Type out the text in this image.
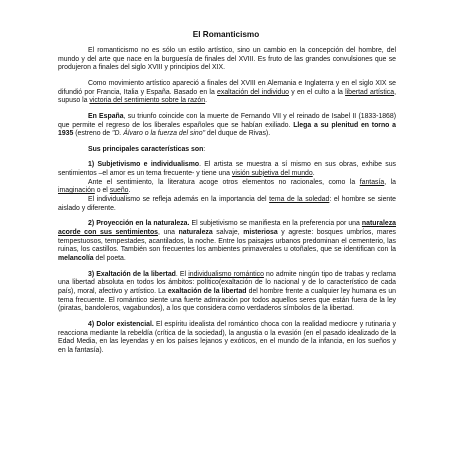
El Romanticismo

El romanticismo no es sólo un estilo artístico, sino un cambio en la concepción del hombre, del mundo y del arte que nace en la burguesía de finales del XVIII. Es fruto de las grandes convulsiones que se produjeron a finales del siglo XVIII y principios del XIX.

Como movimiento artístico apareció a finales del XVIII en Alemania e Inglaterra y en el siglo XIX se difundió por Francia, Italia y España. Basado en la exaltación del individuo y en el culto a la libertad artística, supuso la victoria del sentimiento sobre la razón.

En España, su triunfo coincide con la muerte de Fernando VII y el reinado de Isabel II (1833-1868) que permite el regreso de los liberales españoles que se habían exiliado. Llega a su plenitud en torno a 1935 (estreno de "D. Álvaro o la fuerza del sino" del duque de Rivas).

Sus principales características son:

1) Subjetivismo e individualismo. El artista se muestra a sí mismo en sus obras, exhibe sus sentimientos –el amor es un tema frecuente- y tiene una visión subjetiva del mundo.

Ante el sentimiento, la literatura acoge otros elementos no racionales, como la fantasía, la imaginación o el sueño.

El individualismo se refleja además en la importancia del tema de la soledad: el hombre se siente aislado y diferente.

2) Proyección en la naturaleza. El subjetivismo se manifiesta en la preferencia por una naturaleza acorde con sus sentimientos, una naturaleza salvaje, misteriosa y agreste: bosques umbríos, mares tempestuosos, tempestades, acantilados, la noche. Entre los paisajes urbanos predominan el cementerio, las ruinas, los castillos. También son frecuentes los ambientes primaverales u otoñales, que se identifican con la melancolía del poeta.

3) Exaltación de la libertad. El individualismo romántico no admite ningún tipo de trabas y reclama una libertad absoluta en todos los ámbitos: político(exaltación de lo nacional y de lo característico de cada país), moral, afectivo y artístico. La exaltación de la libertad del hombre frente a cualquier ley humana es un tema frecuente. El romántico siente una fuerte admiración por todos aquellos seres que están fuera de la ley (piratas, bandoleros, vagabundos), a los que considera como verdaderos símbolos de la libertad.

4) Dolor existencial. El espíritu idealista del romántico choca con la realidad mediocre y rutinaria y reacciona mediante la rebeldía (crítica de la sociedad), la angustia o la evasión (en el pasado idealizado de la Edad Media, en las leyendas y en los países lejanos y exóticos, en el mundo de la infancia, en los sueños y en la fantasía).
